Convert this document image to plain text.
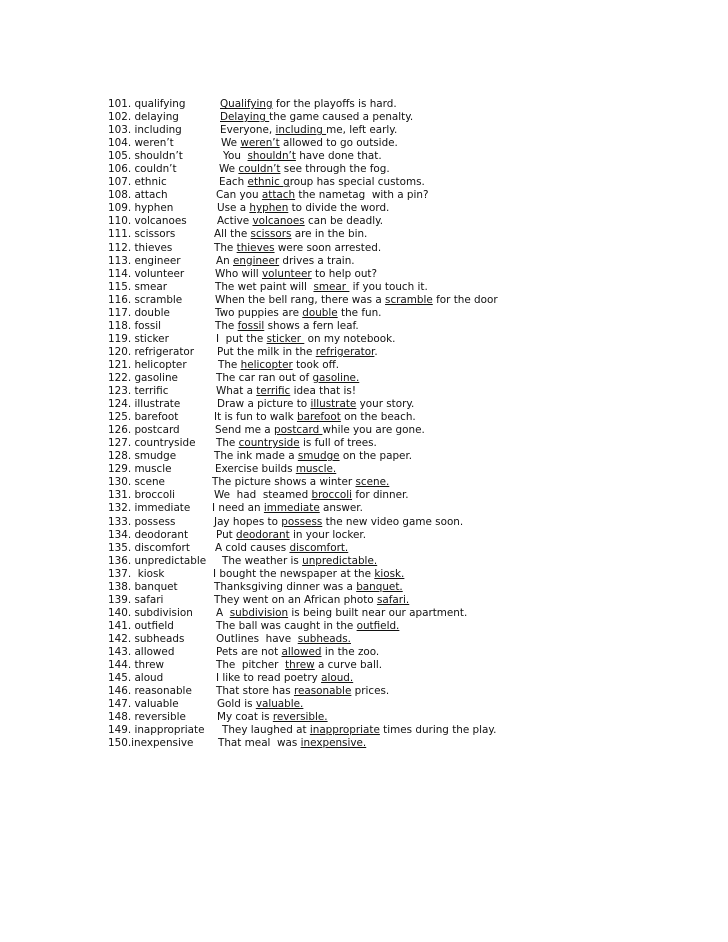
101. qualifying	Qualifying for the playoffs is hard.
102. delaying	Delaying the game caused a penalty.
103. including	Everyone, including me, left early.
104. weren’t	We weren’t allowed to go outside.
105. shouldn’t	You  shouldn’t have done that.
106. couldn’t	We couldn’t see through the fog.
107. ethnic	Each ethnic group has special customs.
108. attach	Can you attach the nametag  with a pin?
109. hyphen	Use a hyphen to divide the word.
110. volcanoes	Active volcanoes can be deadly.
111. scissors	All the scissors are in the bin.
112. thieves	The thieves were soon arrested.
113. engineer	An engineer drives a train.
114. volunteer	Who will volunteer to help out?
115. smear	The wet paint will  smear  if you touch it.
116. scramble	When the bell rang, there was a scramble for the door
117. double	Two puppies are double the fun.
118. fossil	The fossil shows a fern leaf.
119. sticker	I  put the sticker  on my notebook.
120. refrigerator Put the milk in the refrigerator.
121. helicopter	The helicopter took off.
122. gasoline	The car ran out of gasoline.
123. terrific	What a terrific idea that is!
124. illustrate	Draw a picture to illustrate your story.
125. barefoot	It is fun to walk barefoot on the beach.
126. postcard	Send me a postcard while you are gone.
127. countryside The countryside is full of trees.
128. smudge	The ink made a smudge on the paper.
129. muscle	Exercise builds muscle.
130. scene	The picture shows a winter scene.
131. broccoli	We  had  steamed broccoli for dinner.
132. immediate I need an immediate answer.
133. possess	Jay hopes to possess the new video game soon.
134. deodorant	Put deodorant in your locker.
135. discomfort A cold causes discomfort.
136. unpredictable The weather is unpredictable.
137.  kiosk	I bought the newspaper at the kiosk.
138. banquet	Thanksgiving dinner was a banquet.
139. safari	They went on an African photo safari.
140. subdivision A  subdivision is being built near our apartment.
141. outfield	The ball was caught in the outfield.
142. subheads	Outlines  have  subheads.
143. allowed	Pets are not allowed in the zoo.
144. threw	The  pitcher  threw a curve ball.
145. aloud	I like to read poetry aloud.
146. reasonable That store has reasonable prices.
147. valuable	Gold is valuable.
148. reversible	My coat is reversible.
149. inappropriate They laughed at inappropriate times during the play.
150.inexpensive That meal  was inexpensive.
